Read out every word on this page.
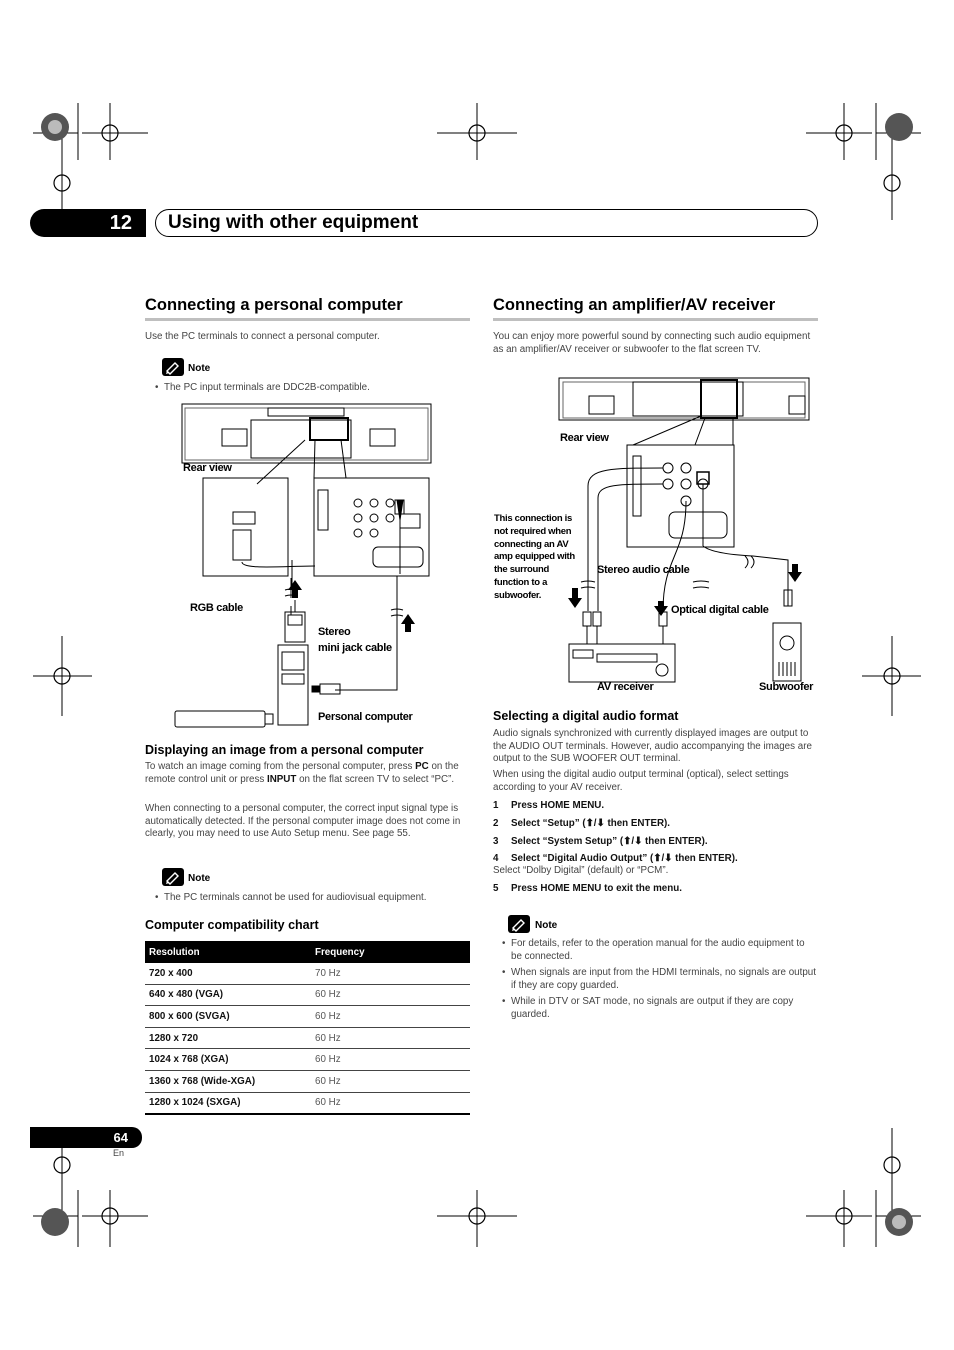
12	Using with other equipment
Connecting a personal computer
Use the PC terminals to connect a personal computer.
Note
• The PC input terminals are DDC2B-compatible.
Rear view
RGB cable
Stereo
mini jack cable
Personal computer
Displaying an image from a personal computer
To watch an image coming from the personal computer, press PC on the remote control unit or press INPUT on the flat screen TV to select “PC”.
When connecting to a personal computer, the correct input signal type is automatically detected. If the personal computer image does not come in clearly, you may need to use Auto Setup menu. See page 55.
Note
• The PC terminals cannot be used for audiovisual equipment.
Computer compatibility chart
Resolution	Frequency
720 x 400	70 Hz
640 x 480 (VGA)	60 Hz
800 x 600 (SVGA)	60 Hz
1280 x 720	60 Hz
1024 x 768 (XGA)	60 Hz
1360 x 768 (Wide-XGA)	60 Hz
1280 x 1024 (SXGA)	60 Hz
Connecting an amplifier/AV receiver
You can enjoy more powerful sound by connecting such audio equipment as an amplifier/AV receiver or subwoofer to the flat screen TV.
Rear view
This connection is
not required when
connecting an AV
amp equipped with
the surround
function to a
subwoofer.
Stereo audio cable
Optical digital cable
AV receiver	Subwoofer
Selecting a digital audio format
Audio signals synchronized with currently displayed images are output to the AUDIO OUT terminals. However, audio accompanying the images are output to the SUB WOOFER OUT terminal.
When using the digital audio output terminal (optical), select settings according to your AV receiver.
1 Press HOME MENU.
2 Select “Setup” (⬆/⬇ then ENTER).
3 Select “System Setup” (⬆/⬇ then ENTER).
4 Select “Digital Audio Output” (⬆/⬇ then ENTER).
Select “Dolby Digital” (default) or “PCM”.
5 Press HOME MENU to exit the menu.
Note
• For details, refer to the operation manual for the audio equipment to be connected.
• When signals are input from the HDMI terminals, no signals are output if they are copy guarded.
• While in DTV or SAT mode, no signals are output if they are copy guarded.
64
En
